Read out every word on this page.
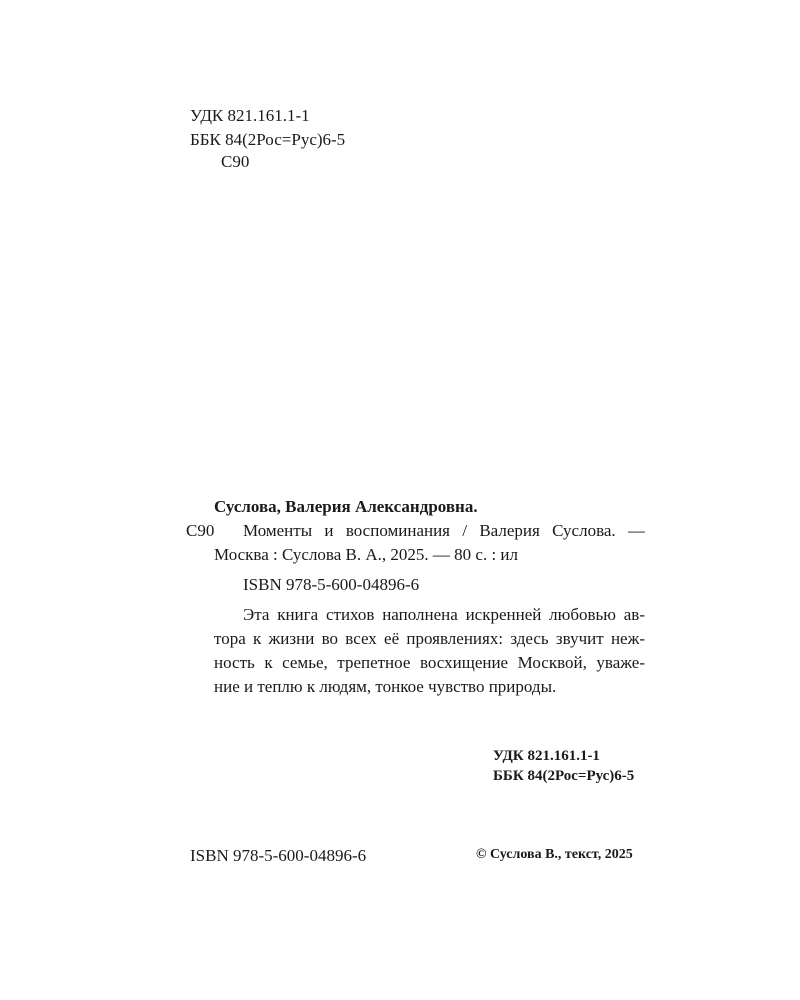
УДК 821.161.1-1
ББК 84(2Рос=Рус)6-5
С90
Суслова, Валерия Александровна.
С90 Моменты и воспоминания / Валерия Суслова. —
Москва : Суслова В. А., 2025. — 80 с. : ил
ISBN 978-5-600-04896-6
Эта книга стихов наполнена искренней любовью ав-
тора к жизни во всех её проявлениях: здесь звучит неж-
ность к семье, трепетное восхищение Москвой, уваже-
ние и теплю к людям, тонкое чувство природы.
УДК 821.161.1-1
ББК 84(2Рос=Рус)6-5
ISBN 978-5-600-04896-6	© Суслова В., текст, 2025
